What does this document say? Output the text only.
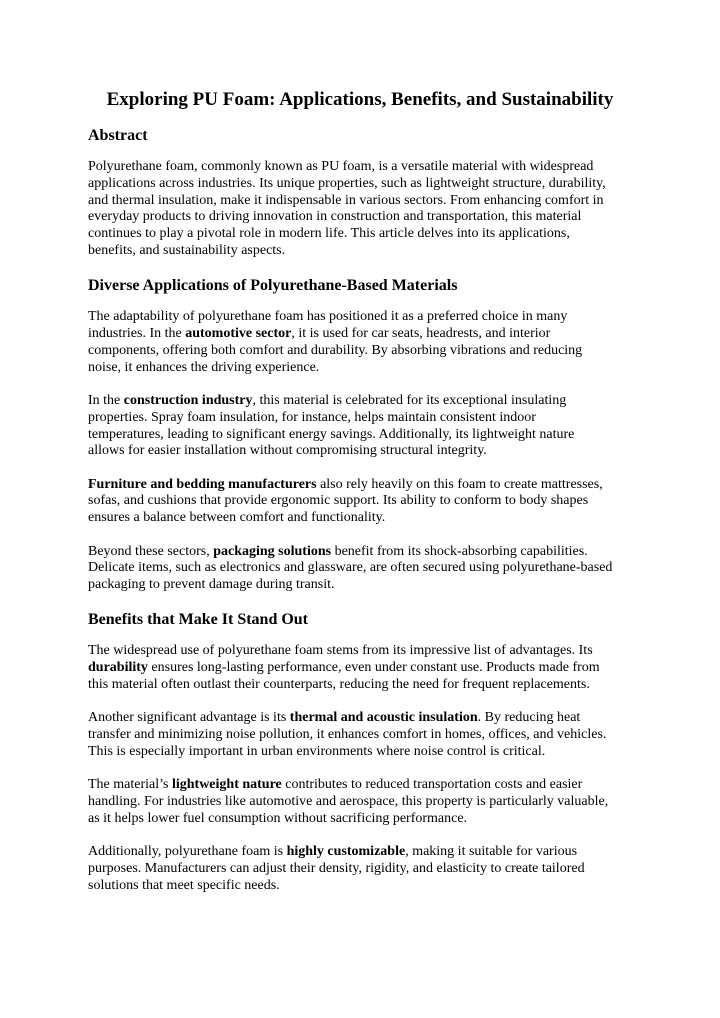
Exploring PU Foam: Applications, Benefits, and Sustainability
Abstract

Polyurethane foam, commonly known as PU foam, is a versatile material with widespread
applications across industries. Its unique properties, such as lightweight structure, durability,
and thermal insulation, make it indispensable in various sectors. From enhancing comfort in
everyday products to driving innovation in construction and transportation, this material
continues to play a pivotal role in modern life. This article delves into its applications,
benefits, and sustainability aspects.

Diverse Applications of Polyurethane-Based Materials

The adaptability of polyurethane foam has positioned it as a preferred choice in many
industries. In the automotive sector, it is used for car seats, headrests, and interior
components, offering both comfort and durability. By absorbing vibrations and reducing
noise, it enhances the driving experience.

In the construction industry, this material is celebrated for its exceptional insulating
properties. Spray foam insulation, for instance, helps maintain consistent indoor
temperatures, leading to significant energy savings. Additionally, its lightweight nature
allows for easier installation without compromising structural integrity.

Furniture and bedding manufacturers also rely heavily on this foam to create mattresses,
sofas, and cushions that provide ergonomic support. Its ability to conform to body shapes
ensures a balance between comfort and functionality.

Beyond these sectors, packaging solutions benefit from its shock-absorbing capabilities.
Delicate items, such as electronics and glassware, are often secured using polyurethane-based
packaging to prevent damage during transit.

Benefits that Make It Stand Out

The widespread use of polyurethane foam stems from its impressive list of advantages. Its
durability ensures long-lasting performance, even under constant use. Products made from
this material often outlast their counterparts, reducing the need for frequent replacements.

Another significant advantage is its thermal and acoustic insulation. By reducing heat
transfer and minimizing noise pollution, it enhances comfort in homes, offices, and vehicles.
This is especially important in urban environments where noise control is critical.

The material’s lightweight nature contributes to reduced transportation costs and easier
handling. For industries like automotive and aerospace, this property is particularly valuable,
as it helps lower fuel consumption without sacrificing performance.

Additionally, polyurethane foam is highly customizable, making it suitable for various
purposes. Manufacturers can adjust their density, rigidity, and elasticity to create tailored
solutions that meet specific needs.
